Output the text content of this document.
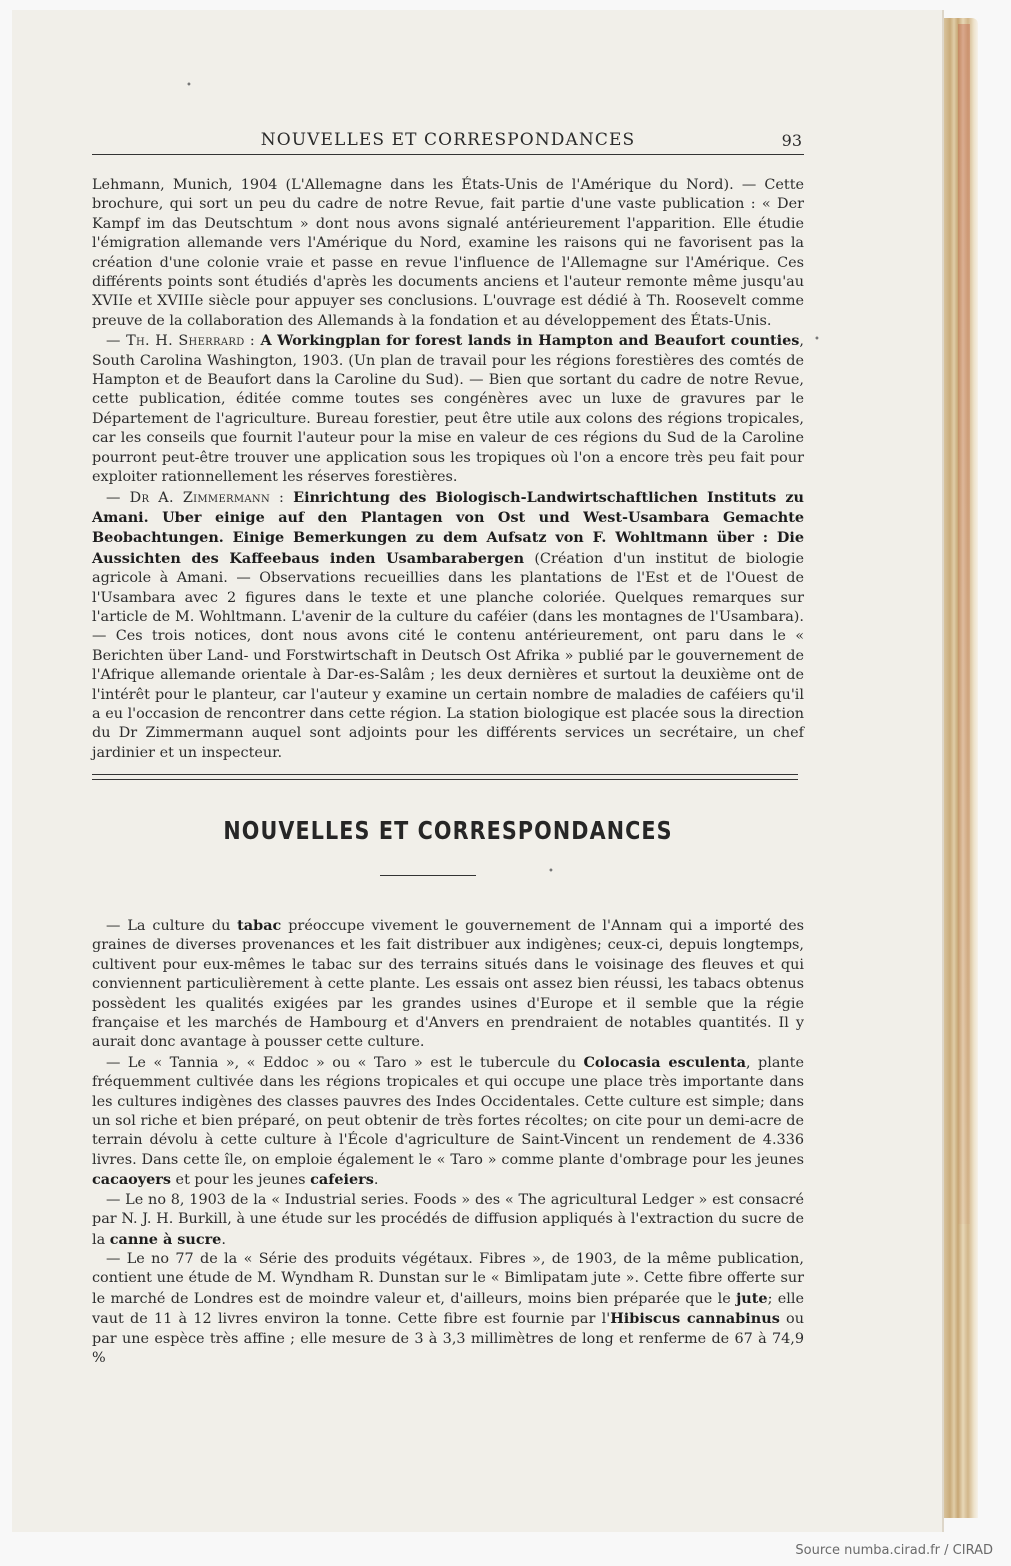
•
•
•
NOUVELLES ET CORRESPONDANCES	93

Lehmann, Munich, 1904 (L'Allemagne dans les États-Unis de l'Amérique du Nord). — Cette brochure, qui sort un peu du cadre de notre Revue, fait partie d'une vaste publication : « Der Kampf im das Deutschtum » dont nous avons signalé antérieurement l'apparition. Elle étudie l'émigration allemande vers l'Amérique du Nord, examine les raisons qui ne favorisent pas la création d'une colonie vraie et passe en revue l'influence de l'Allemagne sur l'Amérique. Ces différents points sont étudiés d'après les documents anciens et l'auteur remonte même jusqu'au XVIIe et XVIIIe siècle pour appuyer ses conclusions. L'ouvrage est dédié à Th. Roosevelt comme preuve de la collaboration des Allemands à la fondation et au développement des États-Unis.

— Th. H. Sherrard : A Workingplan for forest lands in Hampton and Beaufort counties, South Carolina Washington, 1903. (Un plan de travail pour les régions forestières des comtés de Hampton et de Beaufort dans la Caroline du Sud). — Bien que sortant du cadre de notre Revue, cette publication, éditée comme toutes ses congénères avec un luxe de gravures par le Département de l'agriculture. Bureau forestier, peut être utile aux colons des régions tropicales, car les conseils que fournit l'auteur pour la mise en valeur de ces régions du Sud de la Caroline pourront peut-être trouver une application sous les tropiques où l'on a encore très peu fait pour exploiter rationnellement les réserves forestières.

— Dr A. Zimmermann : Einrichtung des Biologisch-Landwirtschaftlichen Instituts zu Amani. Uber einige auf den Plantagen von Ost und West-Usambara Gemachte Beobachtungen. Einige Bemerkungen zu dem Aufsatz von F. Wohltmann über : Die Aussichten des Kaffeebaus inden Usambarabergen (Création d'un institut de biologie agricole à Amani. — Observations recueillies dans les plantations de l'Est et de l'Ouest de l'Usambara avec 2 figures dans le texte et une planche coloriée. Quelques remarques sur l'article de M. Wohltmann. L'avenir de la culture du caféier (dans les montagnes de l'Usambara). — Ces trois notices, dont nous avons cité le contenu antérieurement, ont paru dans le « Berichten über Land- und Forstwirtschaft in Deutsch Ost Afrika » publié par le gouvernement de l'Afrique allemande orientale à Dar-es-Salâm ; les deux dernières et surtout la deuxième ont de l'intérêt pour le planteur, car l'auteur y examine un certain nombre de maladies de caféiers qu'il a eu l'occasion de rencontrer dans cette région. La station biologique est placée sous la direction du Dr Zimmermann auquel sont adjoints pour les différents services un secrétaire, un chef jardinier et un inspecteur.

NOUVELLES ET CORRESPONDANCES

— La culture du tabac préoccupe vivement le gouvernement de l'Annam qui a importé des graines de diverses provenances et les fait distribuer aux indigènes; ceux-ci, depuis longtemps, cultivent pour eux-mêmes le tabac sur des terrains situés dans le voisinage des fleuves et qui conviennent particulièrement à cette plante. Les essais ont assez bien réussi, les tabacs obtenus possèdent les qualités exigées par les grandes usines d'Europe et il semble que la régie française et les marchés de Hambourg et d'Anvers en prendraient de notables quantités. Il y aurait donc avantage à pousser cette culture.

— Le « Tannia », « Eddoc » ou « Taro » est le tubercule du Colocasia esculenta, plante fréquemment cultivée dans les régions tropicales et qui occupe une place très importante dans les cultures indigènes des classes pauvres des Indes Occidentales. Cette culture est simple; dans un sol riche et bien préparé, on peut obtenir de très fortes récoltes; on cite pour un demi-acre de terrain dévolu à cette culture à l'École d'agriculture de Saint-Vincent un rendement de 4.336 livres. Dans cette île, on emploie également le « Taro » comme plante d'ombrage pour les jeunes cacaoyers et pour les jeunes cafeiers.

— Le no 8, 1903 de la « Industrial series. Foods » des « The agricultural Ledger » est consacré par N. J. H. Burkill, à une étude sur les procédés de diffusion appliqués à l'extraction du sucre de la canne à sucre.

— Le no 77 de la « Série des produits végétaux. Fibres », de 1903, de la même publication, contient une étude de M. Wyndham R. Dunstan sur le « Bimlipatam jute ». Cette fibre offerte sur le marché de Londres est de moindre valeur et, d'ailleurs, moins bien préparée que le jute; elle vaut de 11 à 12 livres environ la tonne. Cette fibre est fournie par l'Hibiscus cannabinus ou par une espèce très affine ; elle mesure de 3 à 3,3 millimètres de long et renferme de 67 à 74,9 %

Source numba.cirad.fr / CIRAD
